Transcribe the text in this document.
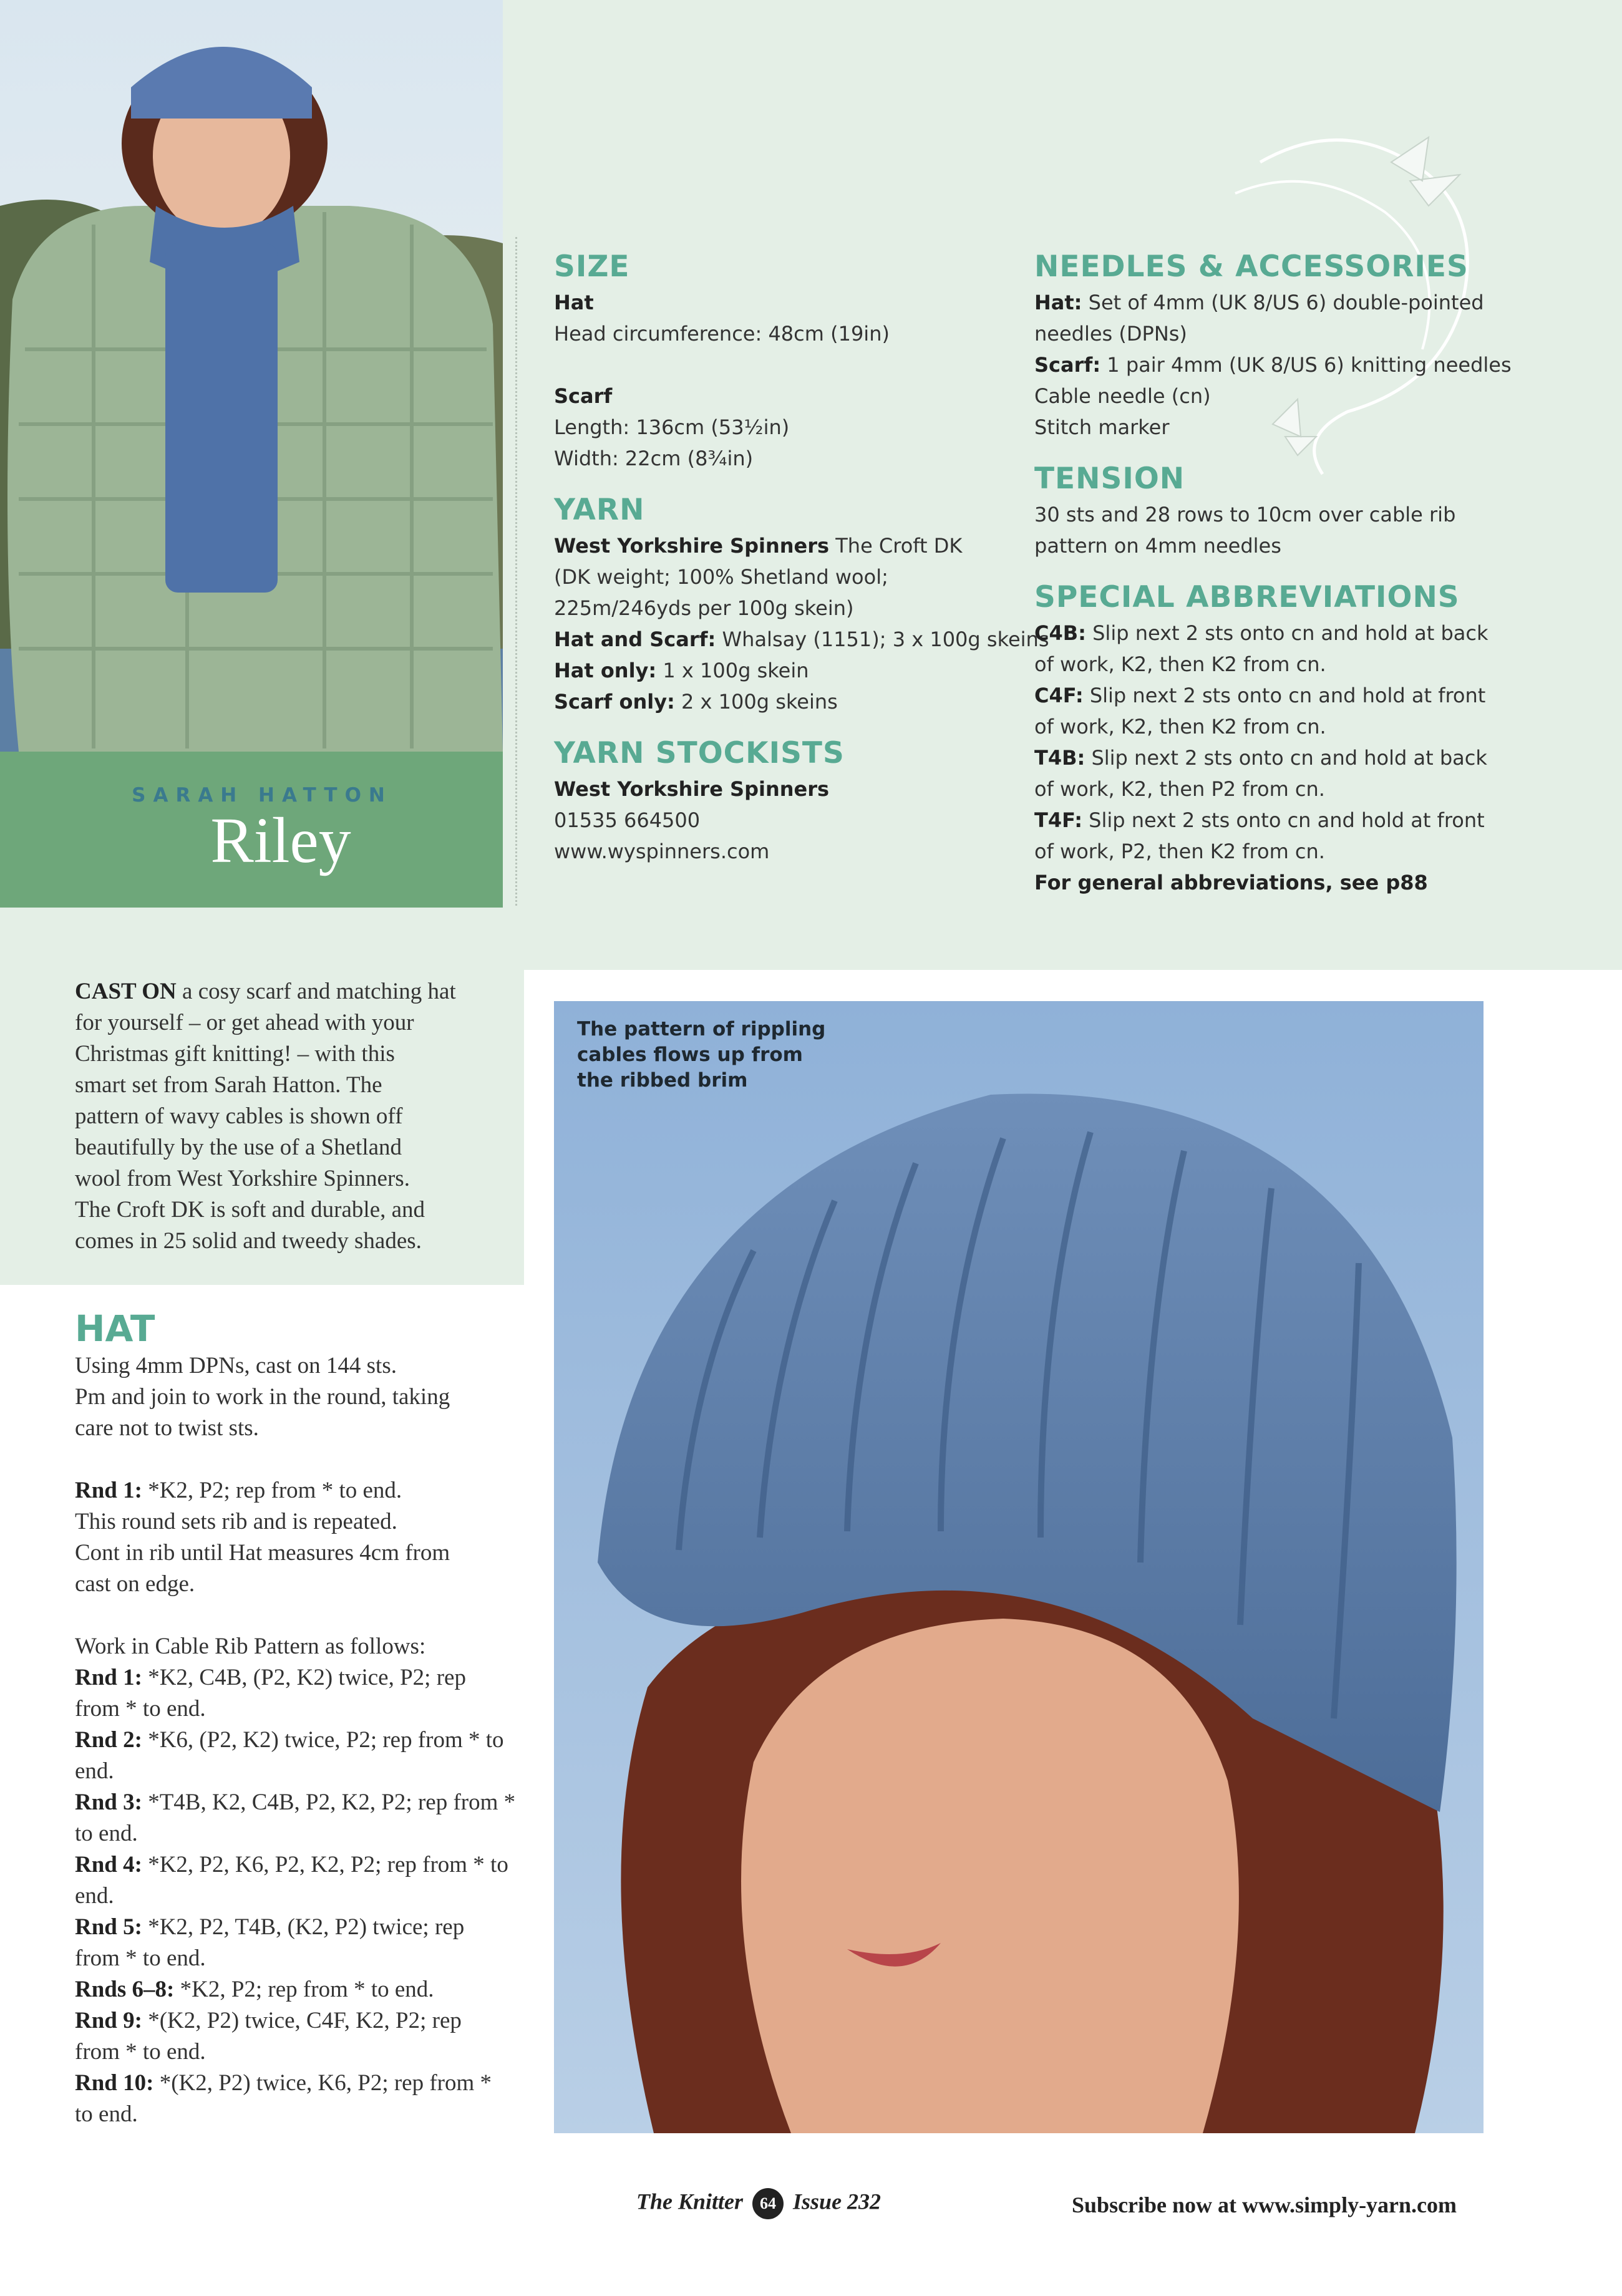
SARAH HATTON
Riley
SIZE
Hat
Head circumference: 48cm (19in)
Scarf
Length: 136cm (53½in)
Width: 22cm (8¾in)
YARN
West Yorkshire Spinners The Croft DK
(DK weight; 100% Shetland wool;
225m/246yds per 100g skein)
Hat and Scarf: Whalsay (1151); 3 x 100g skeins
Hat only: 1 x 100g skein
Scarf only: 2 x 100g skeins
YARN STOCKISTS
West Yorkshire Spinners
01535 664500
www.wyspinners.com
NEEDLES & ACCESSORIES
Hat: Set of 4mm (UK 8/US 6) double-pointed
needles (DPNs)
Scarf: 1 pair 4mm (UK 8/US 6) knitting needles
Cable needle (cn)
Stitch marker
TENSION
30 sts and 28 rows to 10cm over cable rib
pattern on 4mm needles
SPECIAL ABBREVIATIONS
C4B: Slip next 2 sts onto cn and hold at back
of work, K2, then K2 from cn.
C4F: Slip next 2 sts onto cn and hold at front
of work, K2, then K2 from cn.
T4B: Slip next 2 sts onto cn and hold at back
of work, K2, then P2 from cn.
T4F: Slip next 2 sts onto cn and hold at front
of work, P2, then K2 from cn.
For general abbreviations, see p88
CAST ON a cosy scarf and matching hat
for yourself – or get ahead with your
Christmas gift knitting! – with this
smart set from Sarah Hatton. The
pattern of wavy cables is shown off
beautifully by the use of a Shetland
wool from West Yorkshire Spinners.
The Croft DK is soft and durable, and
comes in 25 solid and tweedy shades.
HAT

Using 4mm DPNs, cast on 144 sts.

Pm and join to work in the round, taking

care not to twist sts.

Rnd 1: *K2, P2; rep from * to end.

This round sets rib and is repeated.

Cont in rib until Hat measures 4cm from

cast on edge.

Work in Cable Rib Pattern as follows:

Rnd 1: *K2, C4B, (P2, K2) twice, P2; rep

from * to end.

Rnd 2: *K6, (P2, K2) twice, P2; rep from * to

end.

Rnd 3: *T4B, K2, C4B, P2, K2, P2; rep from *

to end.

Rnd 4: *K2, P2, K6, P2, K2, P2; rep from * to

end.

Rnd 5: *K2, P2, T4B, (K2, P2) twice; rep

from * to end.

Rnds 6–8: *K2, P2; rep from * to end.

Rnd 9: *(K2, P2) twice, C4F, K2, P2; rep

from * to end.

Rnd 10: *(K2, P2) twice, K6, P2; rep from *

to end.

The pattern of rippling
cables flows up from
the ribbed brim
The Knitter 64 Issue 232	Subscribe now at www.simply-yarn.com
